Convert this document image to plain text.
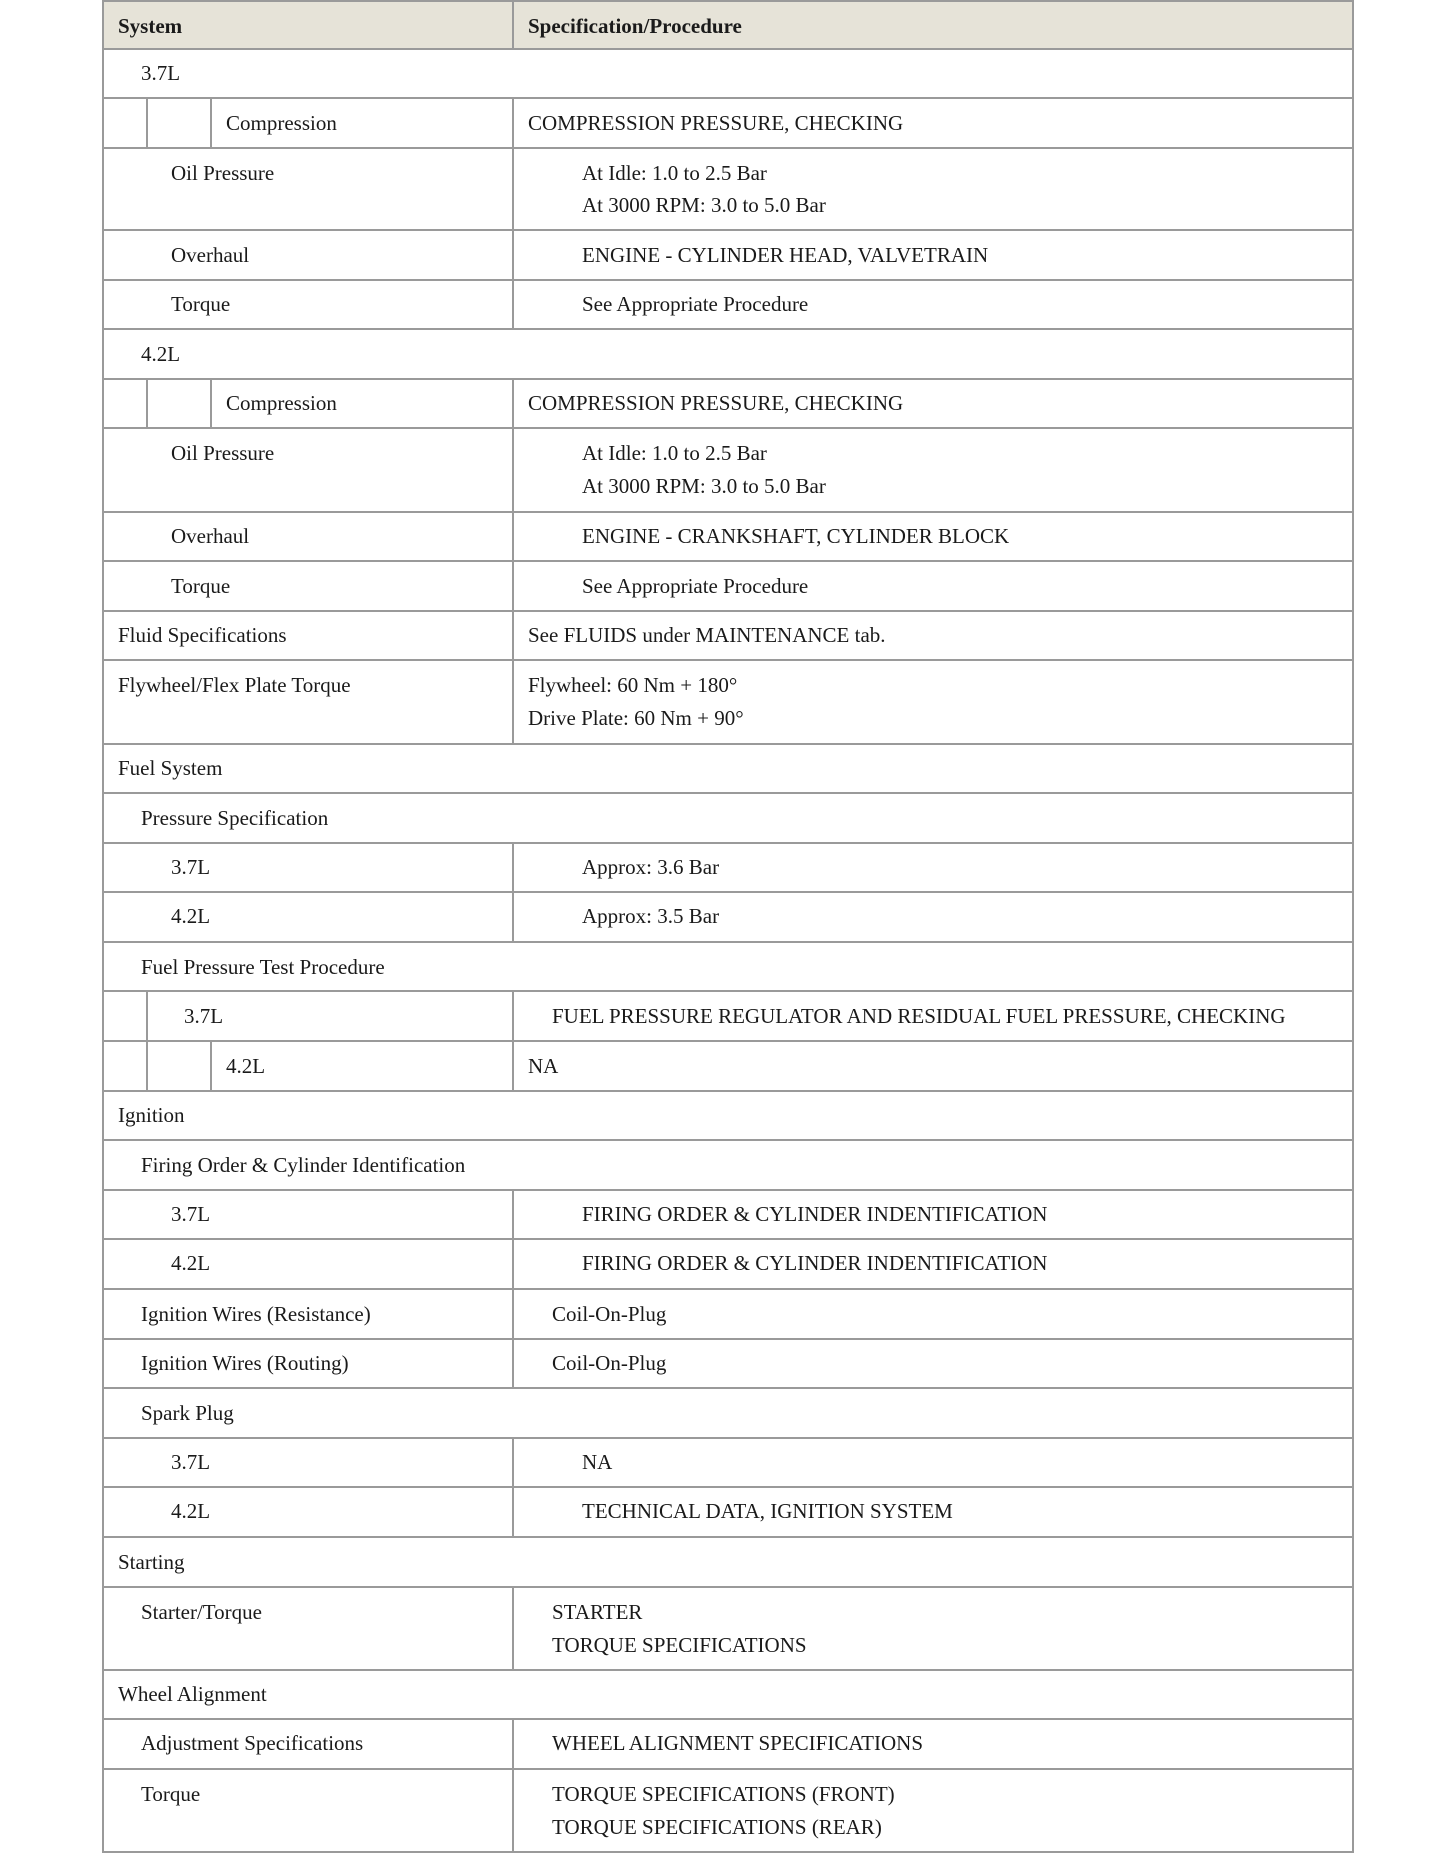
System	Specification/Procedure
3.7L
Compression	COMPRESSION PRESSURE, CHECKING
Oil Pressure	At Idle: 1.0 to 2.5 Bar
At 3000 RPM: 3.0 to 5.0 Bar
Overhaul	ENGINE - CYLINDER HEAD, VALVETRAIN
Torque	See Appropriate Procedure
4.2L
Compression	COMPRESSION PRESSURE, CHECKING
Oil Pressure	At Idle: 1.0 to 2.5 Bar
At 3000 RPM: 3.0 to 5.0 Bar
Overhaul	ENGINE - CRANKSHAFT, CYLINDER BLOCK
Torque	See Appropriate Procedure
Fluid Specifications	See FLUIDS under MAINTENANCE tab.
Flywheel/Flex Plate Torque	Flywheel: 60 Nm + 180°
Drive Plate: 60 Nm + 90°
Fuel System
Pressure Specification
3.7L	Approx: 3.6 Bar
4.2L	Approx: 3.5 Bar
Fuel Pressure Test Procedure
3.7L	FUEL PRESSURE REGULATOR AND RESIDUAL FUEL PRESSURE, CHECKING
4.2L	NA
Ignition
Firing Order & Cylinder Identification
3.7L	FIRING ORDER & CYLINDER INDENTIFICATION
4.2L	FIRING ORDER & CYLINDER INDENTIFICATION
Ignition Wires (Resistance)	Coil-On-Plug
Ignition Wires (Routing)	Coil-On-Plug
Spark Plug
3.7L	NA
4.2L	TECHNICAL DATA, IGNITION SYSTEM
Starting
Starter/Torque	STARTER
TORQUE SPECIFICATIONS
Wheel Alignment
Adjustment Specifications	WHEEL ALIGNMENT SPECIFICATIONS
Torque	TORQUE SPECIFICATIONS (FRONT)
TORQUE SPECIFICATIONS (REAR)
